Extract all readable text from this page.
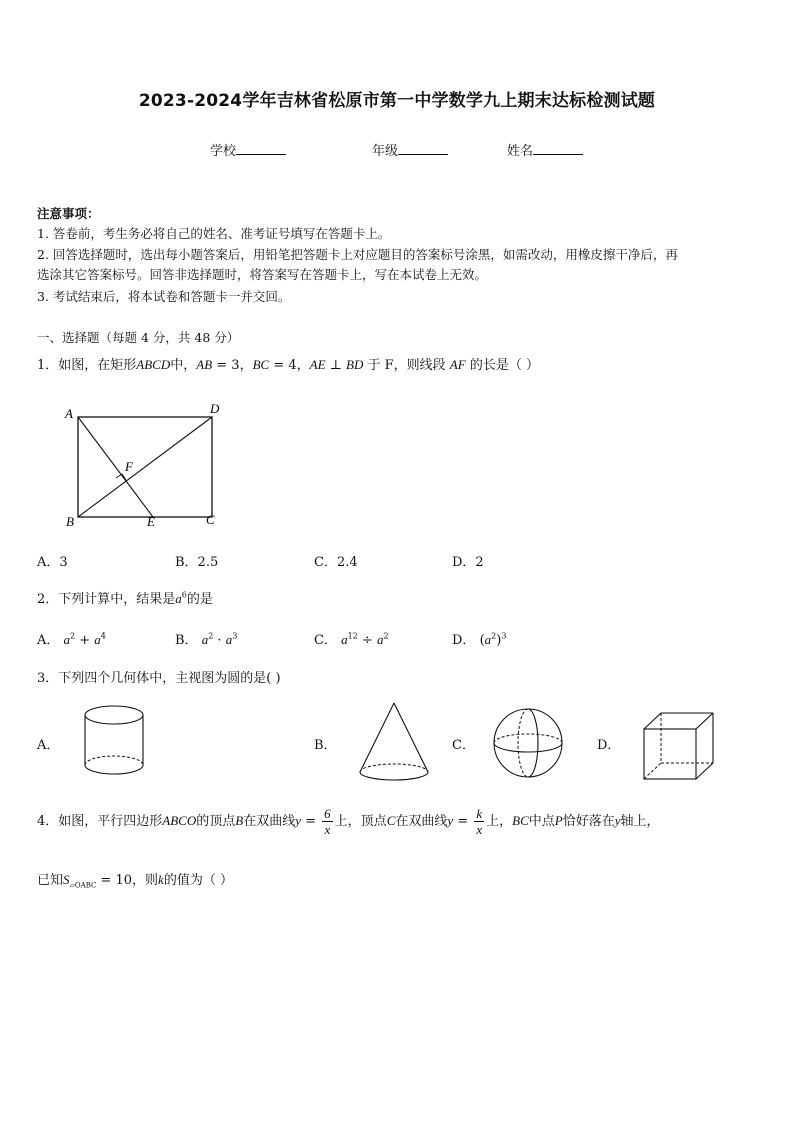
2023-2024学年吉林省松原市第一中学数学九上期末达标检测试题
学校	年级	姓名
注意事项：
1. 答卷前，考生务必将自己的姓名、准考证号填写在答题卡上。
2. 回答选择题时，选出每小题答案后，用铅笔把答题卡上对应题目的答案标号涂黑，如需改动，用橡皮擦干净后，再
选涂其它答案标号。回答非选择题时，将答案写在答题卡上，写在本试卷上无效。
3. 考试结束后，将本试卷和答题卡一并交回。
一、选择题（每题 4 分，共 48 分）
1．如图，在矩形ABCD中，AB = 3，BC = 4，AE ⊥ BD 于 F，则线段 AF 的长是（ ）
A	D
B	E	C
F
A．3	B．2.5	C．2.4	D．2
2．下列计算中，结果是$a^6$的是
A． $a^2 + a^4$	B． $a^2 \cdot a^3$	C． $a^{12} \div a^2$	D． $(a^2)^3$
3．下列四个几何体中，主视图为圆的是( )
A．	B．	C．	D．
4．如图，平行四边形ABCO的顶点B在双曲线$y = \frac{6}{x}$ 上，顶点C在双曲线$y = \frac{k}{x}$ 上，BC中点P恰好落在y轴上，
已知$S_{▱OABC} = 10$，则k的值为（ ）
